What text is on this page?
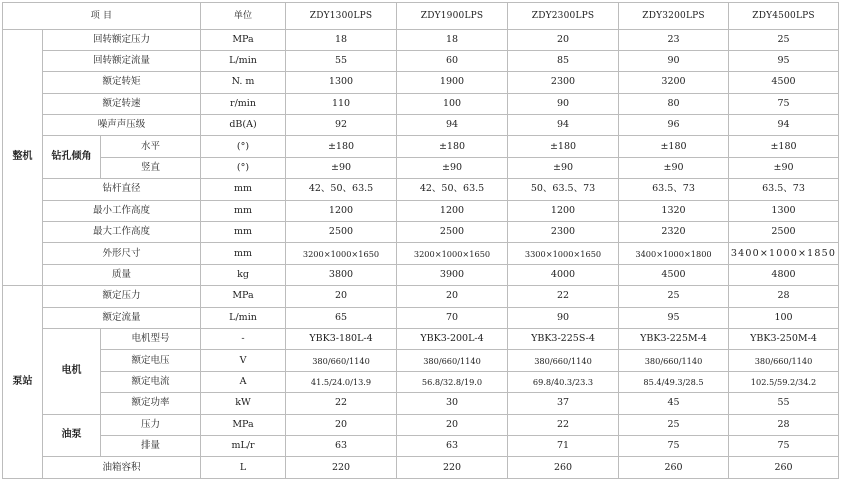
项 目			单位	ZDY1300LPS	ZDY1900LPS	ZDY2300LPS	ZDY3200LPS	ZDY4500LPS
整机	回转额定压力		MPa	18	18	20	23	25
	回转额定流量		L/min	55	60	85	90	95
	额定转矩		N. m	1300	1900	2300	3200	4500
	额定转速		r/min	110	100	90	80	75
	噪声声压级		dB(A)	92	94	94	96	94
	钻孔倾角	水平	(°)	±180	±180	±180	±180	±180
		竖直	(°)	±90	±90	±90	±90	±90
	钻杆直径		mm	42、50、63.5	42、50、63.5	50、63.5、73	63.5、73	63.5、73
	最小工作高度		mm	1200	1200	1200	1320	1300
	最大工作高度		mm	2500	2500	2300	2320	2500
	外形尺寸		mm	3200×1000×1650	3200×1000×1650	3300×1000×1650	3400×1000×1800	3400×1000×1850
	质量		kg	3800	3900	4000	4500	4800
泵站	额定压力		MPa	20	20	22	25	28
	额定流量		L/min	65	70	90	95	100
	电机	电机型号	-	YBK3-180L-4	YBK3-200L-4	YBK3-225S-4	YBK3-225M-4	YBK3-250M-4
		额定电压	V	380/660/1140	380/660/1140	380/660/1140	380/660/1140	380/660/1140
		额定电流	A	41.5/24.0/13.9	56.8/32.8/19.0	69.8/40.3/23.3	85.4/49.3/28.5	102.5/59.2/34.2
		额定功率	kW	22	30	37	45	55
	油泵	压力	MPa	20	20	22	25	28
		排量	mL/r	63	63	71	75	75
	油箱容积		L	220	220	260	260	260
